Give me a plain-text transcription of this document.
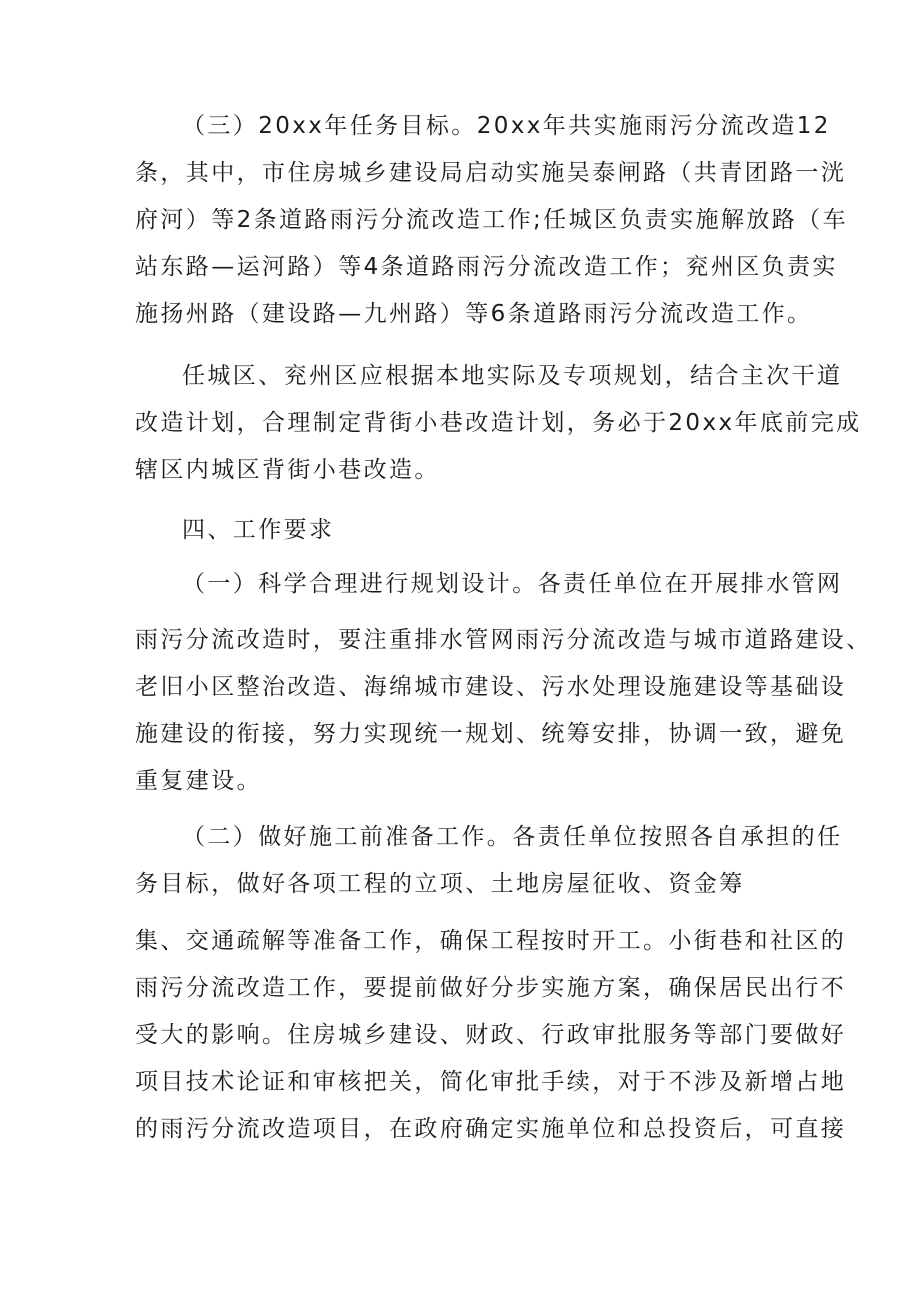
（三）20xx年任务目标。20xx年共实施雨污分流改造12
条，其中，市住房城乡建设局启动实施吴泰闸路（共青团路一洸
府河）等2条道路雨污分流改造工作;任城区负责实施解放路（车
站东路—运河路）等4条道路雨污分流改造工作；兖州区负责实
施扬州路（建设路—九州路）等6条道路雨污分流改造工作。
任城区、兖州区应根据本地实际及专项规划，结合主次干道
改造计划，合理制定背街小巷改造计划，务必于20xx年底前完成
辖区内城区背街小巷改造。
四、工作要求
（一）科学合理进行规划设计。各责任单位在开展排水管网
雨污分流改造时，要注重排水管网雨污分流改造与城市道路建设、
老旧小区整治改造、海绵城市建设、污水处理设施建设等基础设
施建设的衔接，努力实现统一规划、统筹安排，协调一致，避免
重复建设。
（二）做好施工前准备工作。各责任单位按照各自承担的任
务目标，做好各项工程的立项、土地房屋征收、资金筹
集、交通疏解等准备工作，确保工程按时开工。小街巷和社区的
雨污分流改造工作，要提前做好分步实施方案，确保居民出行不
受大的影响。住房城乡建设、财政、行政审批服务等部门要做好
项目技术论证和审核把关，简化审批手续，对于不涉及新增占地
的雨污分流改造项目，在政府确定实施单位和总投资后，可直接
